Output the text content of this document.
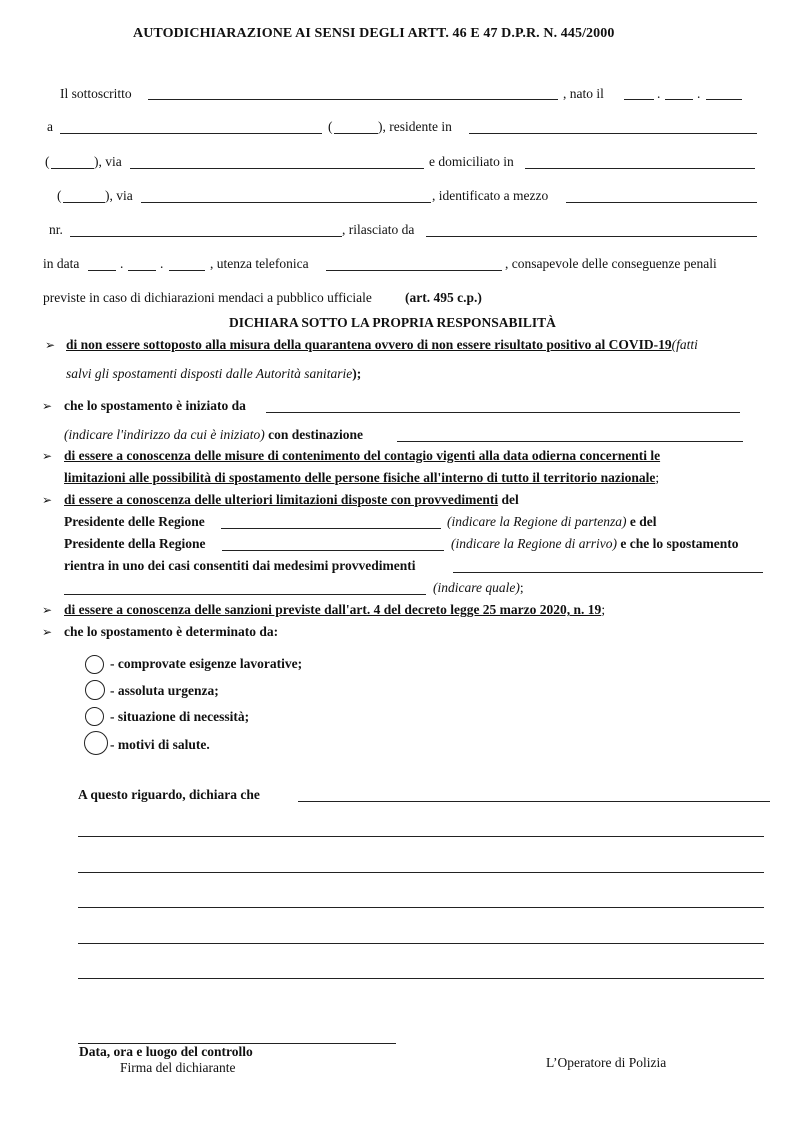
AUTODICHIARAZIONE AI SENSI DEGLI ARTT. 46 E 47 D.P.R. N. 445/2000
Il sottoscritto	, nato il	.	.
a	(	), residente in
(	), via	e domiciliato in
(	), via	, identificato a mezzo
nr.	, rilasciato da
in data	.	.	, utenza telefonica	, consapevole delle conseguenze penali
previste in caso di dichiarazioni mendaci a pubblico ufficiale (art. 495 c.p.)
DICHIARA SOTTO LA PROPRIA RESPONSABILITÀ
➢ di non essere sottoposto alla misura della quarantena ovvero di non essere risultato positivo al COVID-19(fatti
salvi gli spostamenti disposti dalle Autorità sanitarie);
➢ che lo spostamento è iniziato da
(indicare l'indirizzo da cui è iniziato) con destinazione
➢ di essere a conoscenza delle misure di contenimento del contagio vigenti alla data odierna concernenti le
limitazioni alle possibilità di spostamento delle persone fisiche all'interno di tutto il territorio nazionale;
➢ di essere a conoscenza delle ulteriori limitazioni disposte con provvedimenti del
Presidente delle Regione	(indicare la Regione di partenza) e del
Presidente della Regione	(indicare la Regione di arrivo) e che lo spostamento
rientra in uno dei casi consentiti dai medesimi provvedimenti
(indicare quale);
➢ di essere a conoscenza delle sanzioni previste dall'art. 4 del decreto legge 25 marzo 2020, n. 19;
➢ che lo spostamento è determinato da:
- comprovate esigenze lavorative;
- assoluta urgenza;
- situazione di necessità;
- motivi di salute.
A questo riguardo, dichiara che
Data, ora e luogo del controllo
Firma del dichiarante	L’Operatore di Polizia
